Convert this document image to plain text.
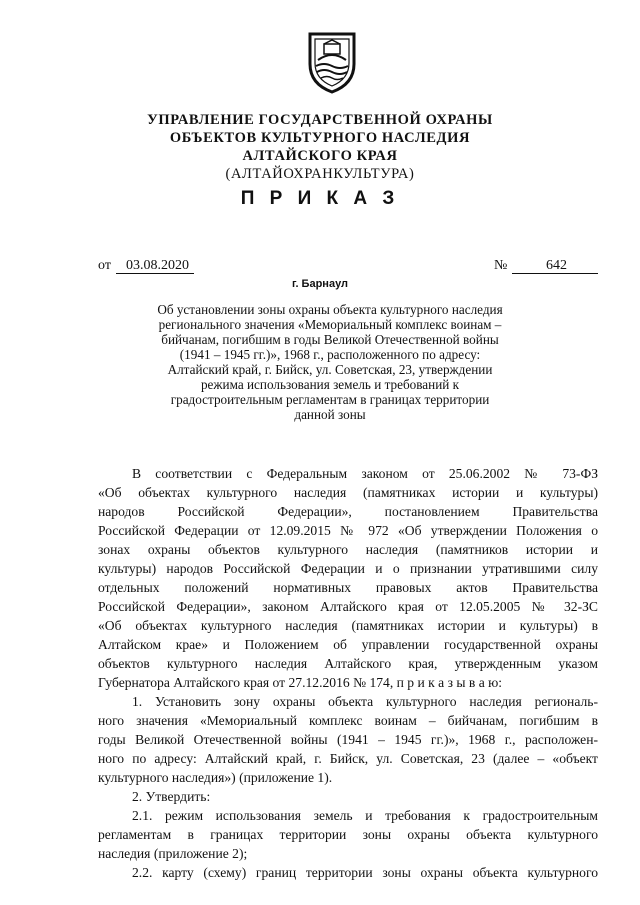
УПРАВЛЕНИЕ ГОСУДАРСТВЕННОЙ ОХРАНЫ
ОБЪЕКТОВ КУЛЬТУРНОГО НАСЛЕДИЯ
АЛТАЙСКОГО КРАЯ
(АЛТАЙОХРАНКУЛЬТУРА)
П Р И К А З
от 03.08.2020	№	642
г. Барнаул
Об установлении зоны охраны объекта культурного наследия
регионального значения «Мемориальный комплекс воинам –
бийчанам, погибшим в годы Великой Отечественной войны
(1941 – 1945 гг.)», 1968 г., расположенного по адресу:
Алтайский край, г. Бийск, ул. Советская, 23, утверждении
режима использования земель и требований к
градостроительным регламентам в границах территории
данной зоны
В соответствии с Федеральным законом от 25.06.2002 № 73-ФЗ
«Об объектах культурного наследия (памятниках истории и культуры)
народов Российской Федерации», постановлением Правительства
Российской Федерации от 12.09.2015 № 972 «Об утверждении Положения о
зонах охраны объектов культурного наследия (памятников истории и
культуры) народов Российской Федерации и о признании утратившими силу
отдельных положений нормативных правовых актов Правительства
Российской Федерации», законом Алтайского края от 12.05.2005 № 32-ЗС
«Об объектах культурного наследия (памятниках истории и культуры) в
Алтайском крае» и Положением об управлении государственной охраны
объектов культурного наследия Алтайского края, утвержденным указом
Губернатора Алтайского края от 27.12.2016 № 174, п р и к а з ы в а ю:
1. Установить зону охраны объекта культурного наследия региональ-
ного значения «Мемориальный комплекс воинам – бийчанам, погибшим в
годы Великой Отечественной войны (1941 – 1945 гг.)», 1968 г., расположен-
ного по адресу: Алтайский край, г. Бийск, ул. Советская, 23 (далее – «объект
культурного наследия») (приложение 1).
2. Утвердить:
2.1. режим использования земель и требования к градостроительным
регламентам в границах территории зоны охраны объекта культурного
наследия (приложение 2);
2.2. карту (схему) границ территории зоны охраны объекта культурного
